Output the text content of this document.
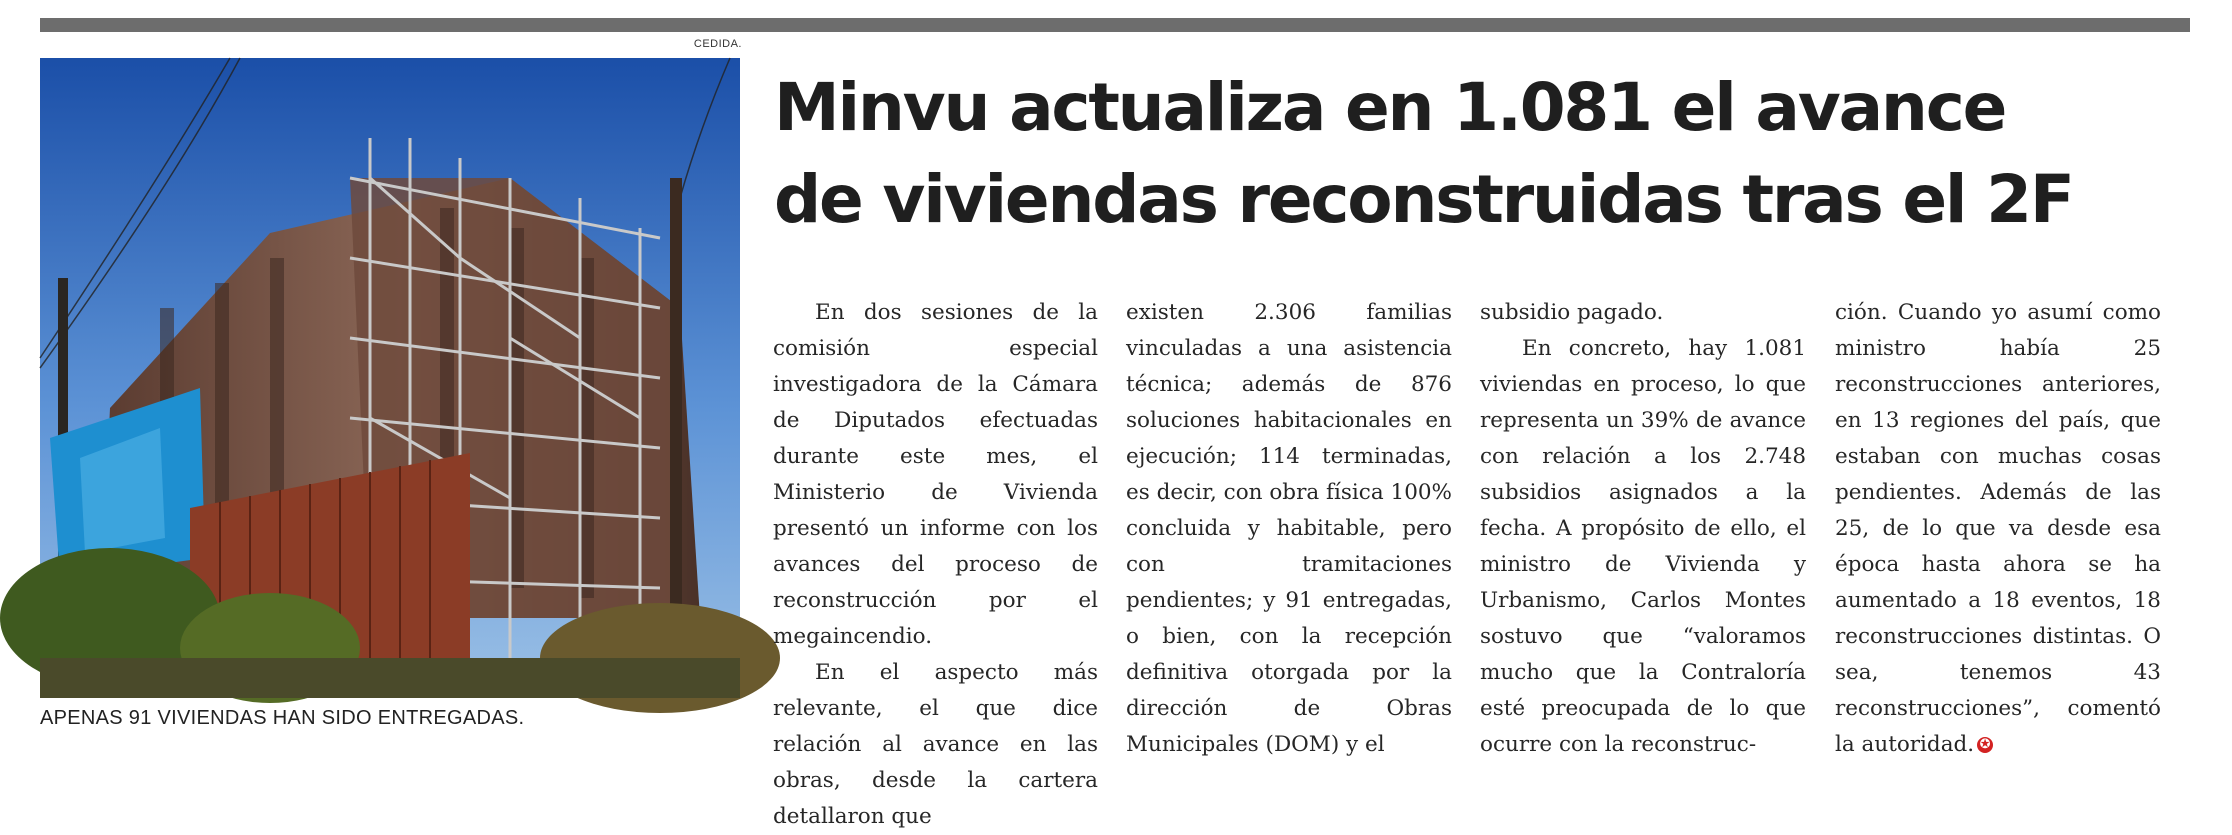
CEDIDA.
APENAS 91 VIVIENDAS HAN SIDO ENTREGADAS.
Minvu actualiza en 1.081 el avance
de viviendas reconstruidas tras el 2F

En dos sesiones de la comisión especial investigadora de la Cámara de Diputados efectuadas durante este mes, el Ministerio de Vivienda presentó un informe con los avances del proceso de reconstrucción por el megaincendio.

En el aspecto más relevante, el que dice relación al avance en las obras, desde la cartera detallaron que

existen 2.306 familias vinculadas a una asistencia técnica; además de 876 soluciones habitacionales en ejecución; 114 terminadas, es decir, con obra física 100% concluida y habitable, pero con tramitaciones pendientes; y 91 entregadas, o bien, con la recepción definitiva otorgada por la dirección de Obras Municipales (DOM) y el

subsidio pagado.

En concreto, hay 1.081 viviendas en proceso, lo que representa un 39% de avance con relación a los 2.748 subsidios asignados a la fecha. A propósito de ello, el ministro de Vivienda y Urbanismo, Carlos Montes sostuvo que “valoramos mucho que la Contraloría esté preocupada de lo que ocurre con la reconstruc-

ción. Cuando yo asumí como ministro había 25 reconstrucciones anteriores, en 13 regiones del país, que estaban con muchas cosas pendientes. Además de las 25, de lo que va desde esa época hasta ahora se ha aumentado a 18 eventos, 18 reconstrucciones distintas. O sea, tenemos 43 reconstrucciones”, comentó la autoridad. ✪
